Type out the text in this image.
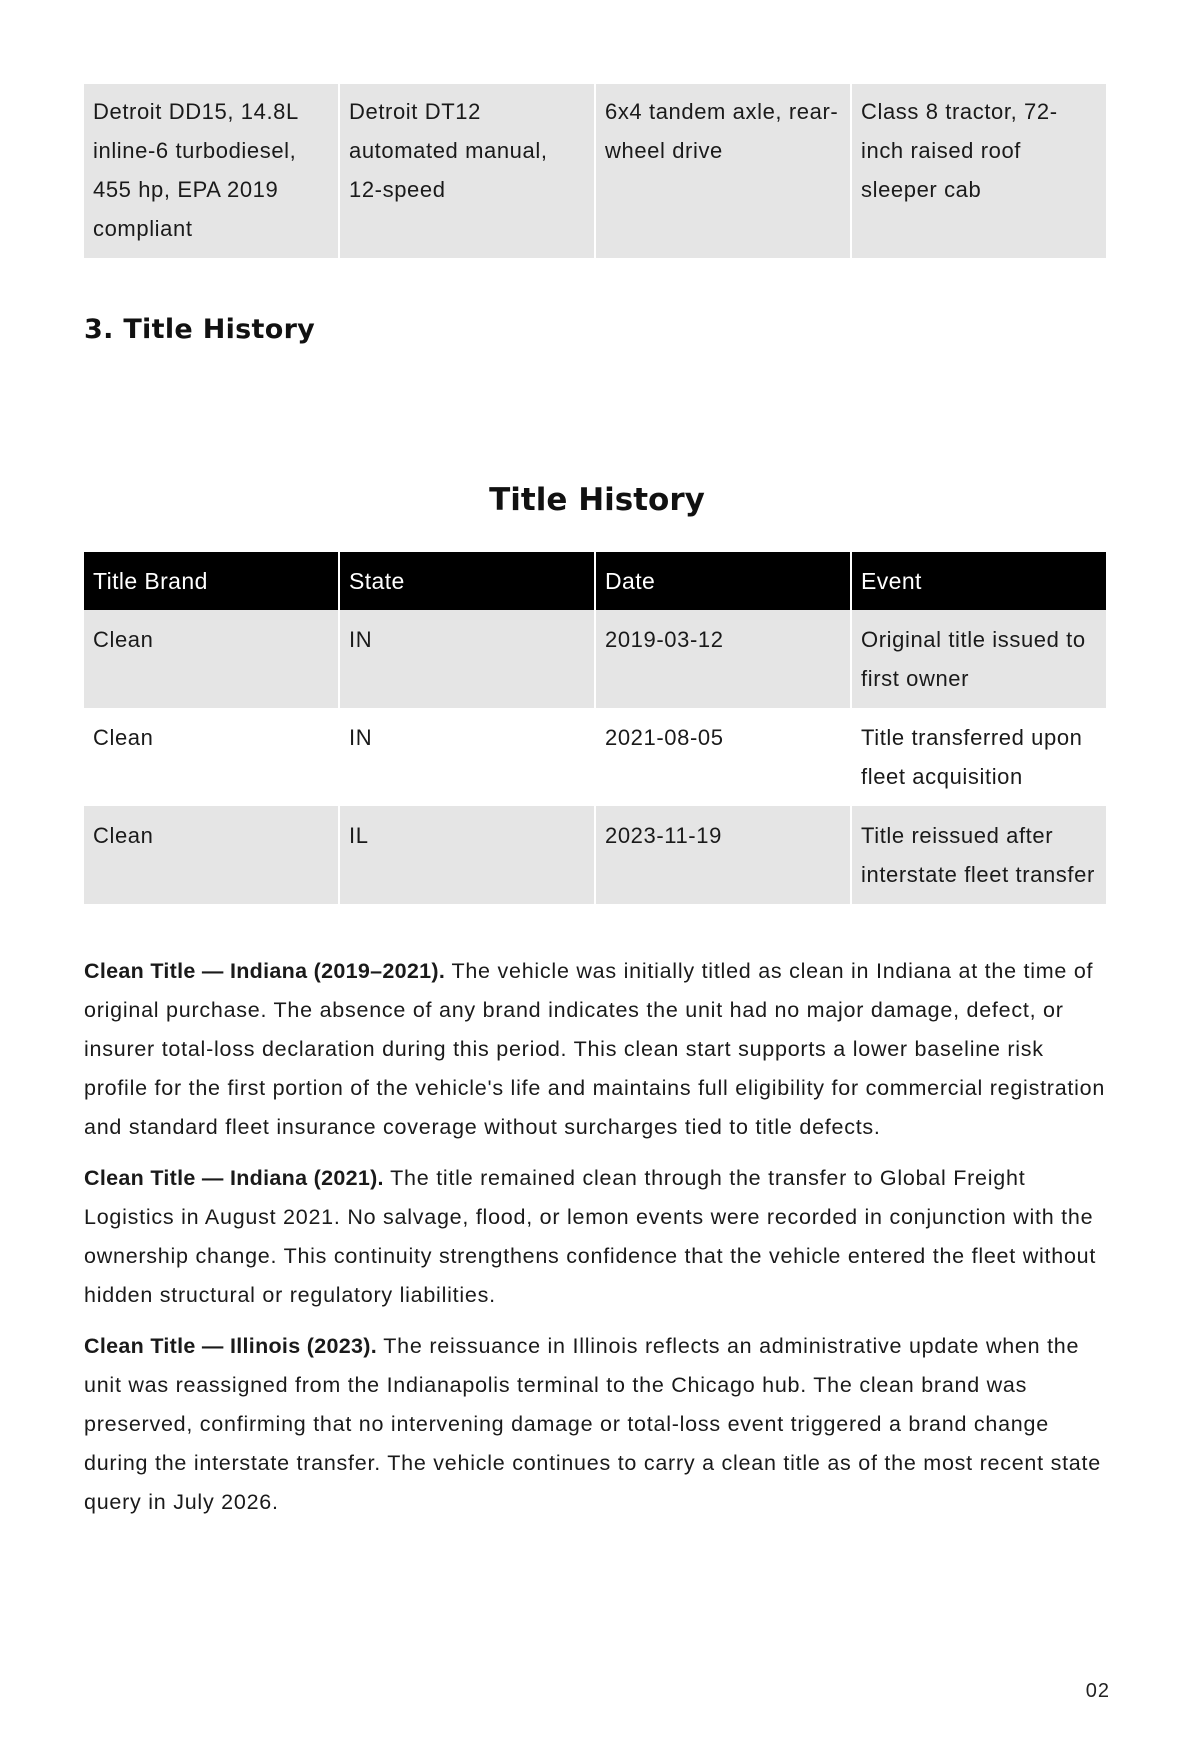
Detroit DD15, 14.8L inline-6 turbodiesel, 455 hp, EPA 2019 compliant	Detroit DT12 automated manual, 12-speed	6x4 tandem axle, rear-wheel drive	Class 8 tractor, 72-inch raised roof sleeper cab
3. Title History
Title History
Title Brand	State	Date	Event
Clean	IN	2019-03-12	Original title issued to first owner
Clean	IN	2021-08-05	Title transferred upon fleet acquisition
Clean	IL	2023-11-19	Title reissued after interstate fleet transfer

Clean Title — Indiana (2019–2021). The vehicle was initially titled as clean in Indiana at the time of original purchase. The absence of any brand indicates the unit had no major damage, defect, or insurer total-loss declaration during this period. This clean start supports a lower baseline risk profile for the first portion of the vehicle's life and maintains full eligibility for commercial registration and standard fleet insurance coverage without surcharges tied to title defects.

Clean Title — Indiana (2021). The title remained clean through the transfer to Global Freight Logistics in August 2021. No salvage, flood, or lemon events were recorded in conjunction with the ownership change. This continuity strengthens confidence that the vehicle entered the fleet without hidden structural or regulatory liabilities.

Clean Title — Illinois (2023). The reissuance in Illinois reflects an administrative update when the unit was reassigned from the Indianapolis terminal to the Chicago hub. The clean brand was preserved, confirming that no intervening damage or total-loss event triggered a brand change during the interstate transfer. The vehicle continues to carry a clean title as of the most recent state query in July 2026.

02
